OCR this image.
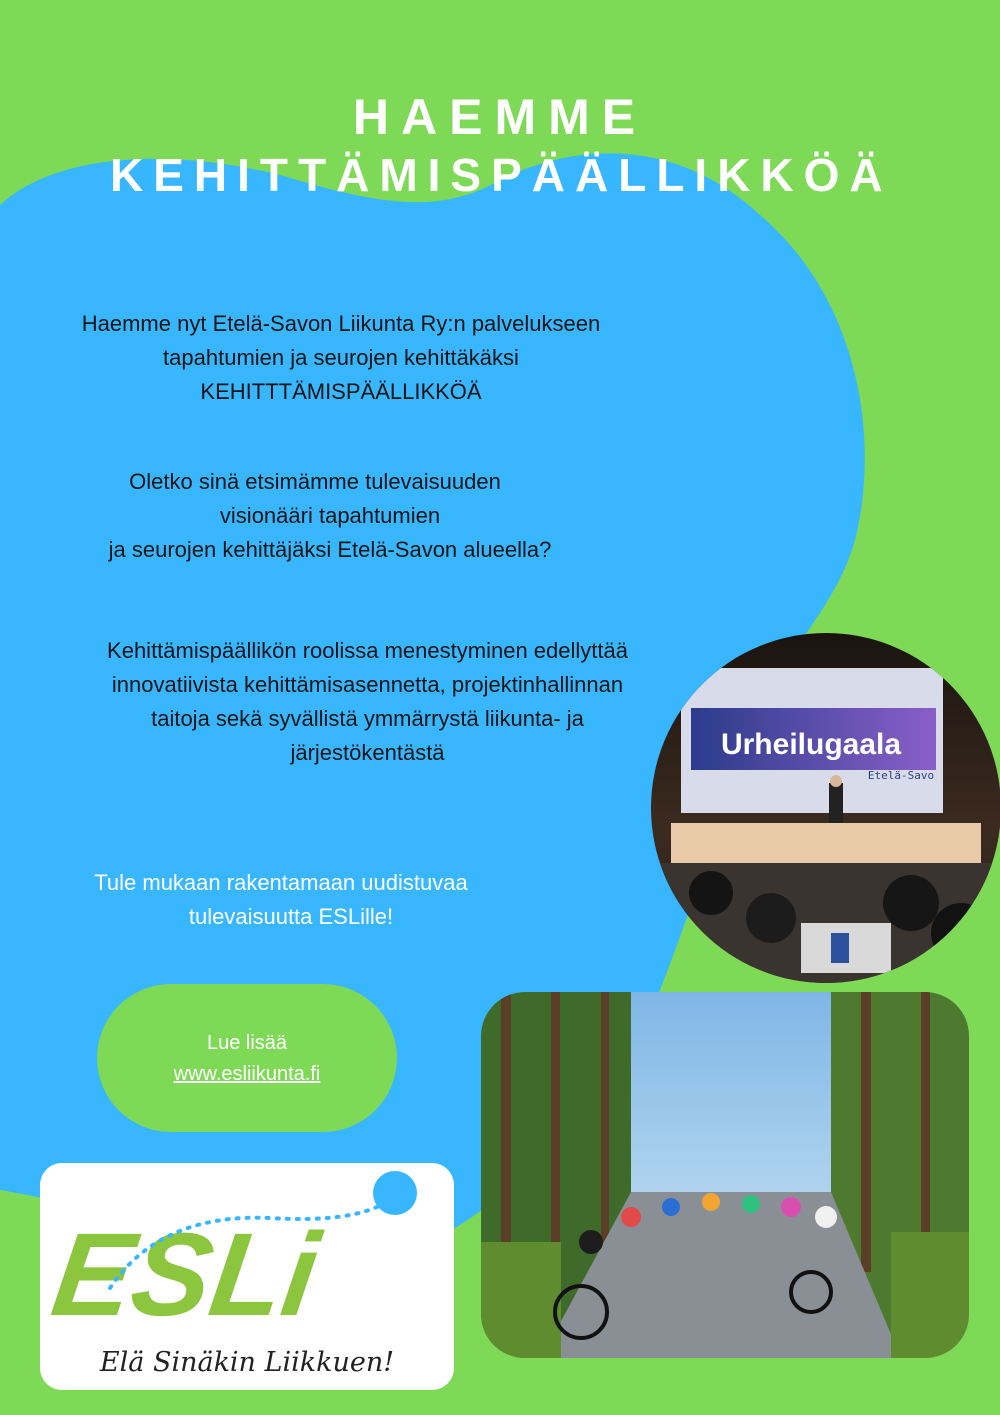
HAEMME
KEHITTÄMISPÄÄLLIKKÖÄ
Haemme nyt Etelä-Savon Liikunta Ry:n palvelukseen
tapahtumien ja seurojen kehittäkäksi
KEHITTTÄMISPÄÄLLIKKÖÄ
Oletko sinä etsimämme tulevaisuuden
visionääri tapahtumien
ja seurojen kehittäjäksi Etelä-Savon alueella?
Kehittämispäällikön roolissa menestyminen edellyttää
innovatiivista kehittämisasennetta, projektinhallinnan
taitoja sekä syvällistä ymmärrystä liikunta- ja
järjestökentästä
Tule mukaan rakentamaan uudistuvaa
tulevaisuutta ESLille!
Lue lisää
www.esliikunta.fi
ESLi
Elä Sinäkin Liikkuen!
Urheilugaala
Etelä-Savo
